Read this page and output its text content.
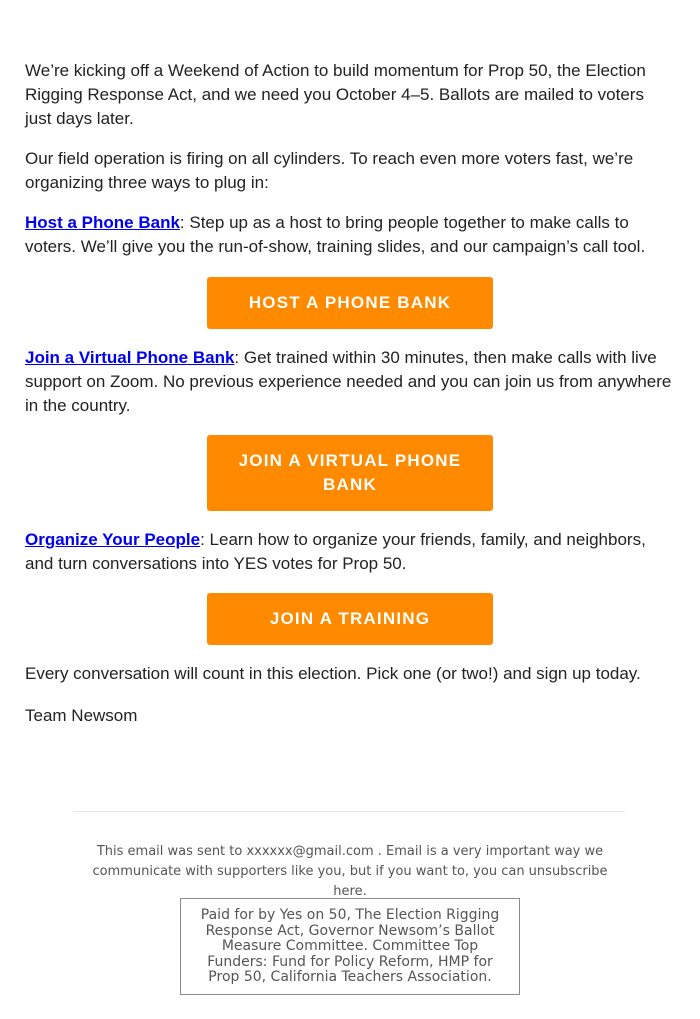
We’re kicking off a Weekend of Action to build momentum for Prop 50, the Election Rigging Response Act, and we need you October 4–5. Ballots are mailed to voters just days later.

Our field operation is firing on all cylinders. To reach even more voters fast, we’re organizing three ways to plug in:

Host a Phone Bank: Step up as a host to bring people together to make calls to voters. We’ll give you the run-of-show, training slides, and our campaign’s call tool.

HOST A PHONE BANK

Join a Virtual Phone Bank: Get trained within 30 minutes, then make calls with live support on Zoom. No previous experience needed and you can join us from anywhere in the country.

JOIN A VIRTUAL PHONE BANK

Organize Your People: Learn how to organize your friends, family, and neighbors, and turn conversations into YES votes for Prop 50.

JOIN A TRAINING

Every conversation will count in this election. Pick one (or two!) and sign up today.

Team Newsom

This email was sent to xxxxxx@gmail.com . Email is a very important way we communicate with supporters like you, but if you want to, you can unsubscribe here.
Paid for by Yes on 50, The Election Rigging Response Act, Governor Newsom’s Ballot Measure Committee. Committee Top Funders: Fund for Policy Reform, HMP for Prop 50, California Teachers Association.
